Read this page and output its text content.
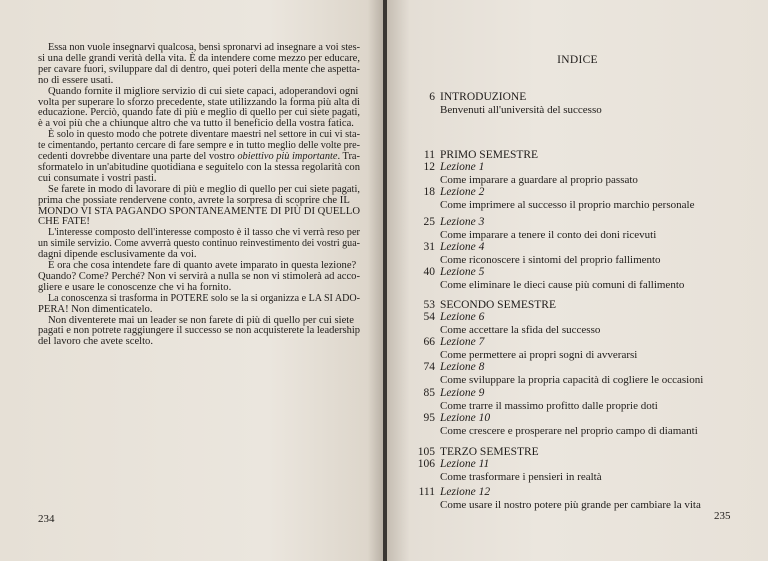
Essa non vuole insegnarvi qualcosa, bensì spronarvi ad insegnare a voi stes-
si una delle grandi verità della vita. È da intendere come mezzo per educare,
per cavare fuori, sviluppare dal di dentro, quei poteri della mente che aspetta-
no di essere usati.
Quando fornite il migliore servizio di cui siete capaci, adoperandovi ogni
volta per superare lo sforzo precedente, state utilizzando la forma più alta di
educazione. Perciò, quando fate di più e meglio di quello per cui siete pagati,
è a voi più che a chiunque altro che va tutto il beneficio della vostra fatica.
È solo in questo modo che potrete diventare maestri nel settore in cui vi sta-
te cimentando, pertanto cercare di fare sempre e in tutto meglio delle volte pre-
cedenti dovrebbe diventare una parte del vostro obiettivo più importante. Tra-
sformatelo in un'abitudine quotidiana e seguitelo con la stessa regolarità con
cui consumate i vostri pasti.
Se farete in modo di lavorare di più e meglio di quello per cui siete pagati,
prima che possiate rendervene conto, avrete la sorpresa di scoprire che IL
MONDO VI STA PAGANDO SPONTANEAMENTE DI PIÙ DI QUELLO
CHE FATE!
L'interesse composto dell'interesse composto è il tasso che vi verrà reso per
un simile servizio. Come avverrà questo continuo reinvestimento dei vostri gua-
dagni dipende esclusivamente da voi.
E ora che cosa intendete fare di quanto avete imparato in questa lezione?
Quando? Come? Perché? Non vi servirà a nulla se non vi stimolerà ad acco-
gliere e usare le conoscenze che vi ha fornito.
La conoscenza si trasforma in POTERE solo se la si organizza e LA SI ADO-
PERA! Non dimenticatelo.
Non diventerete mai un leader se non farete di più di quello per cui siete
pagati e non potrete raggiungere il successo se non acquisterete la leadership
del lavoro che avete scelto.
234
INDICE
6 INTRODUZIONE
Benvenuti all'università del successo
11 PRIMO SEMESTRE
12 Lezione 1
Come imparare a guardare al proprio passato
18 Lezione 2
Come imprimere al successo il proprio marchio personale
25 Lezione 3
Come imparare a tenere il conto dei doni ricevuti
31 Lezione 4
Come riconoscere i sintomi del proprio fallimento
40 Lezione 5
Come eliminare le dieci cause più comuni di fallimento
53 SECONDO SEMESTRE
54 Lezione 6
Come accettare la sfida del successo
66 Lezione 7
Come permettere ai propri sogni di avverarsi
74 Lezione 8
Come sviluppare la propria capacità di cogliere le occasioni
85 Lezione 9
Come trarre il massimo profitto dalle proprie doti
95 Lezione 10
Come crescere e prosperare nel proprio campo di diamanti
105 TERZO SEMESTRE
106 Lezione 11
Come trasformare i pensieri in realtà
111 Lezione 12
Come usare il nostro potere più grande per cambiare la vita
235
